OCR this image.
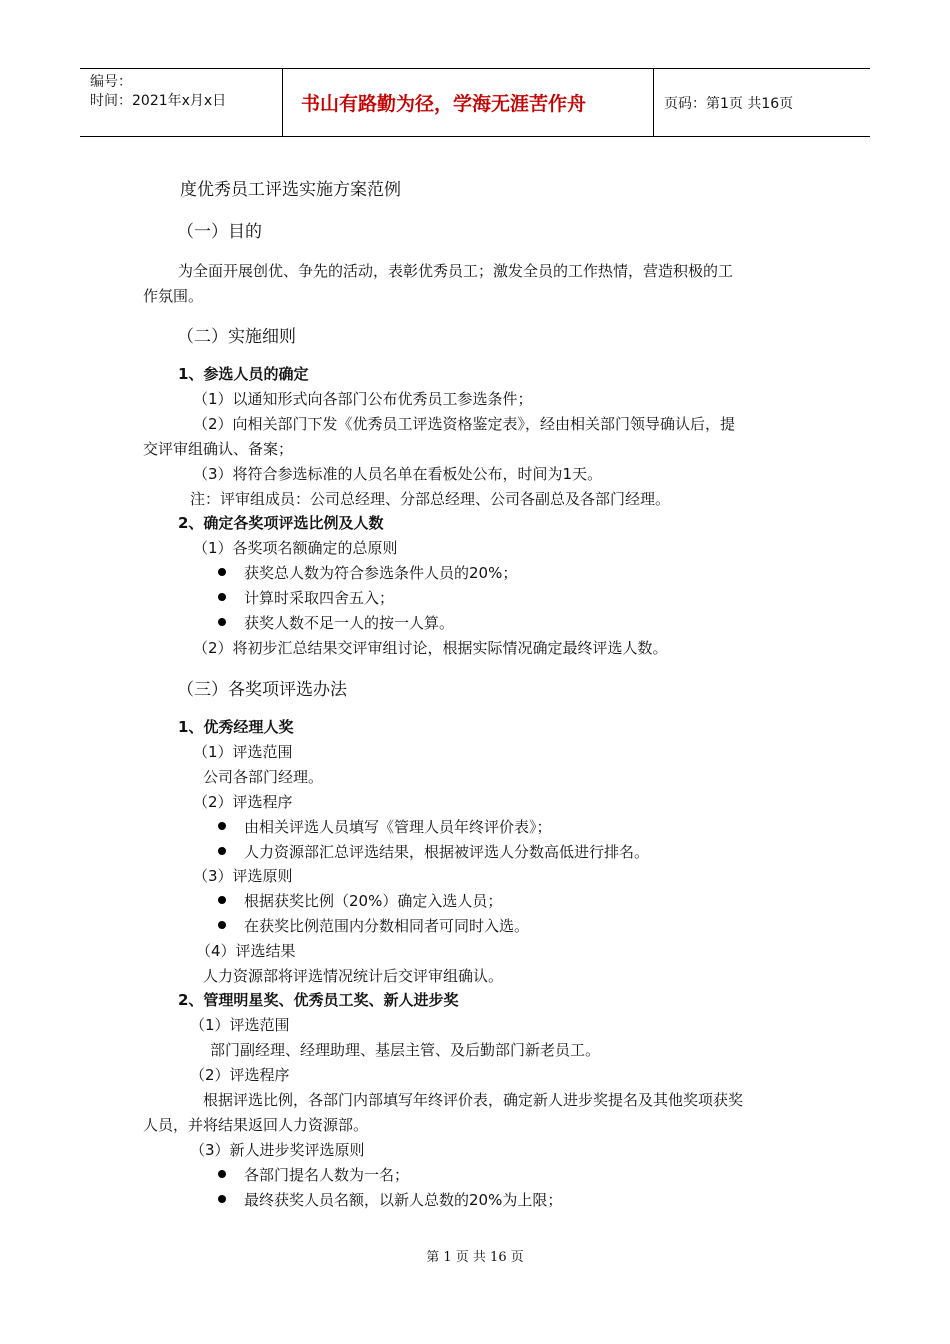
编号：
时间：2021年x月x日	书山有路勤为径，学海无涯苦作舟	页码：第1页 共16页
度优秀员工评选实施方案范例
（一）目的
为全面开展创优、争先的活动，表彰优秀员工；激发全员的工作热情，营造积极的工
作氛围。
（二）实施细则
1、参选人员的确定
（1）以通知形式向各部门公布优秀员工参选条件；
（2）向相关部门下发《优秀员工评选资格鉴定表》，经由相关部门领导确认后，提
交评审组确认、备案；
（3）将符合参选标准的人员名单在看板处公布，时间为1天。
注：评审组成员：公司总经理、分部总经理、公司各副总及各部门经理。
2、确定各奖项评选比例及人数
（1）各奖项名额确定的总原则
获奖总人数为符合参选条件人员的20%；
计算时采取四舍五入；
获奖人数不足一人的按一人算。
（2）将初步汇总结果交评审组讨论，根据实际情况确定最终评选人数。
（三）各奖项评选办法
1、优秀经理人奖
（1）评选范围
公司各部门经理。
（2）评选程序
由相关评选人员填写《管理人员年终评价表》；
人力资源部汇总评选结果，根据被评选人分数高低进行排名。
（3）评选原则
根据获奖比例（20%）确定入选人员；
在获奖比例范围内分数相同者可同时入选。
（4）评选结果
人力资源部将评选情况统计后交评审组确认。
2、管理明星奖、优秀员工奖、新人进步奖
（1）评选范围
部门副经理、经理助理、基层主管、及后勤部门新老员工。
（2）评选程序
根据评选比例，各部门内部填写年终评价表，确定新人进步奖提名及其他奖项获奖
人员，并将结果返回人力资源部。
（3）新人进步奖评选原则
各部门提名人数为一名；
最终获奖人员名额，以新人总数的20%为上限；
第 1 页 共 16 页
